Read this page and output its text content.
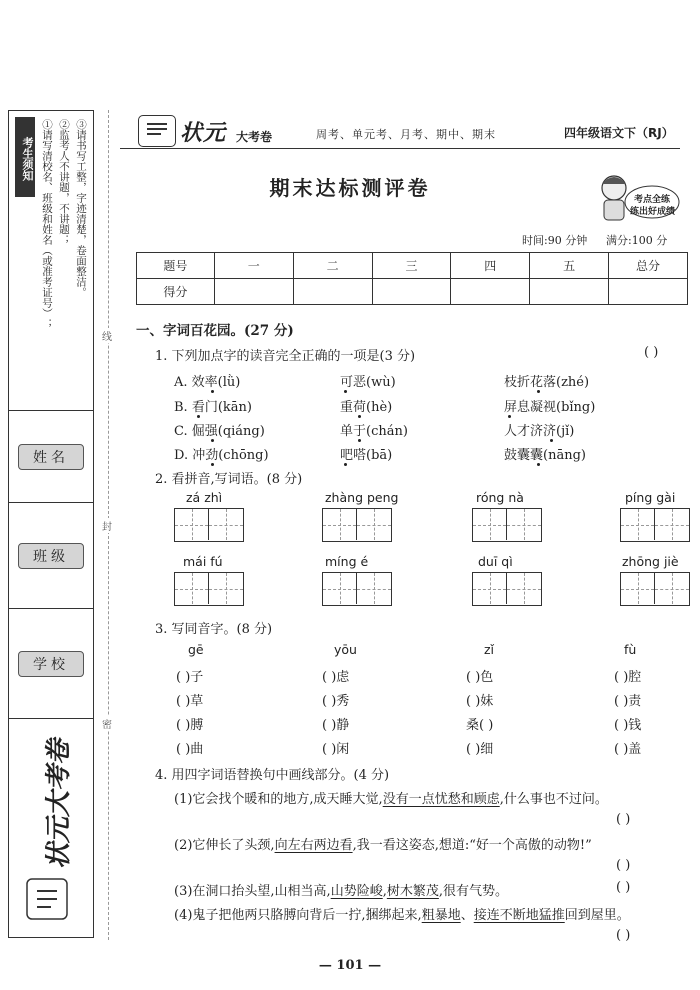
考生须知 ①请写清校名、班级和姓名（或准考证号）； ②监考人不讲题，不讲题； ③请书写工整，字迹清楚，卷面整洁。
姓名
班级
学校
状元大考卷
线
封
密
状元 大考卷	周考、单元考、月考、期中、期末	四年级语文下（RJ）
期末达标测评卷	考点全练
练出好成绩
时间:90 分钟 满分:100 分
题号	一	二	三	四	五	总分
得分						
一、字词百花园。(27 分)
1. 下列加点字的读音完全正确的一项是(3 分)	( )
A. 效率(lǜ)	可恶(wù)	枝折花落(zhé)
B. 看门(kān)	重荷(hè)	屏息凝视(bǐng)
C. 倔强(qiáng)	单于(chán)	人才济济(jǐ)
D. 冲劲(chōng)	吧嗒(bā)	鼓囊囊(nāng)
2. 看拼音,写词语。(8 分)
zá zhì	zhàng peng	róng nà	píng gài
mái fú	míng é	duī qì	zhōng jiè
3. 写同音字。(8 分)
gē	yōu	zǐ	fù
( )子	( )虑	( )色	( )腔
( )草	( )秀	( )妹	( )责
( )膊	( )静	桑( )	( )钱
( )曲	( )闲	( )细	( )盖
4. 用四字词语替换句中画线部分。(4 分)
(1)它会找个暖和的地方,成天睡大觉,没有一点忧愁和顾虑,什么事也不过问。
( )
(2)它伸长了头颈,向左右两边看,我一看这姿态,想道:“好一个高傲的动物!”
( )
(3)在洞口抬头望,山相当高,山势险峻,树木繁茂,很有气势。	( )
(4)鬼子把他两只胳膊向背后一拧,捆绑起来,粗暴地、接连不断地猛推回到屋里。
( )
— 101 —
